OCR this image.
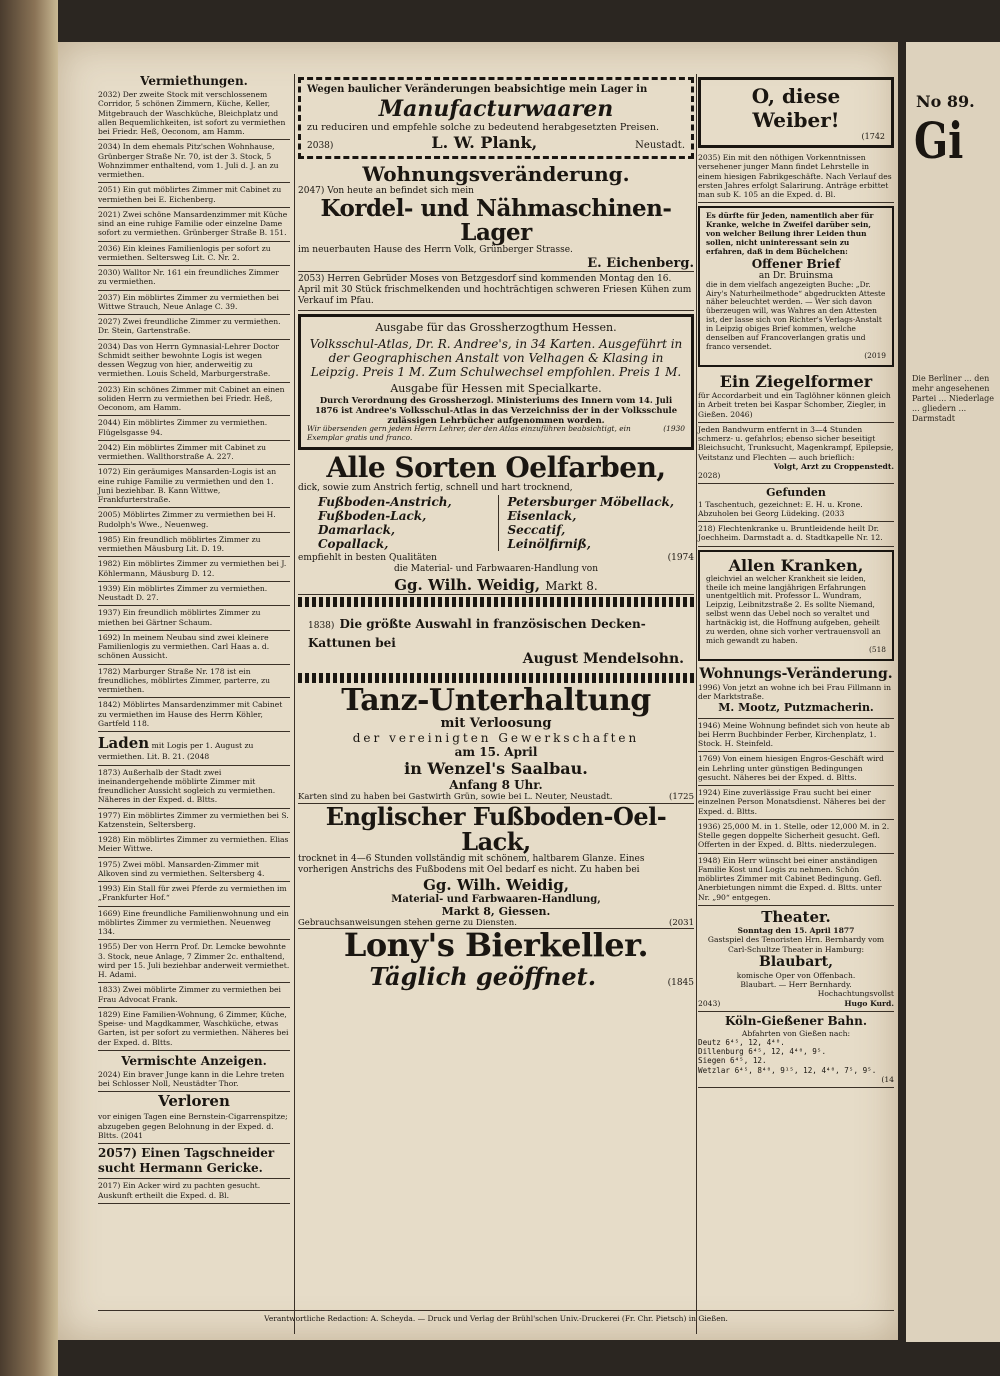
Vermiethungen.
2032) Der zweite Stock mit verschlossenem Corridor, 5 schönen Zimmern, Küche, Keller, Mitgebrauch der Waschküche, Bleichplatz und allen Bequemlichkeiten, ist sofort zu vermiethen bei Friedr. Heß, Oeconom, am Hamm.
2034) In dem ehemals Pitz'schen Wohnhause, Grünberger Straße Nr. 70, ist der 3. Stock, 5 Wohnzimmer enthaltend, vom 1. Juli d. J. an zu vermiethen.
2051) Ein gut möblirtes Zimmer mit Cabinet zu vermiethen bei E. Eichenberg.
2021) Zwei schöne Mansardenzimmer mit Küche sind an eine ruhige Familie oder einzelne Dame sofort zu vermiethen. Grünberger Straße B. 151.
2036) Ein kleines Familienlogis per sofort zu vermiethen. Seltersweg Lit. C. Nr. 2.
2030) Walltor Nr. 161 ein freundliches Zimmer zu vermiethen.
2037) Ein möblirtes Zimmer zu vermiethen bei Wittwe Strauch, Neue Anlage C. 39.
2027) Zwei freundliche Zimmer zu vermiethen. Dr. Stein, Gartenstraße.
2034) Das von Herrn Gymnasial-Lehrer Doctor Schmidt seither bewohnte Logis ist wegen dessen Wegzug von hier, anderweitig zu vermiethen. Louis Scheld, Marburgerstraße.
2023) Ein schönes Zimmer mit Cabinet an einen soliden Herrn zu vermiethen bei Friedr. Heß, Oeconom, am Hamm.
2044) Ein möblirtes Zimmer zu vermiethen. Flügelsgasse 94.
2042) Ein möblirtes Zimmer mit Cabinet zu vermiethen. Wallthorstraße A. 227.
1072) Ein geräumiges Mansarden-Logis ist an eine ruhige Familie zu vermiethen und den 1. Juni beziehbar. B. Kann Wittwe, Frankfurterstraße.
2005) Möblirtes Zimmer zu vermiethen bei H. Rudolph's Wwe., Neuenweg.
1985) Ein freundlich möblirtes Zimmer zu vermiethen Mäusburg Lit. D. 19.
1982) Ein möblirtes Zimmer zu vermiethen bei J. Köhlermann, Mäusburg D. 12.
1939) Ein möblirtes Zimmer zu vermiethen. Neustadt D. 27.
1937) Ein freundlich möblirtes Zimmer zu miethen bei Gärtner Schaum.
1692) In meinem Neubau sind zwei kleinere Familienlogis zu vermiethen. Carl Haas a. d. schönen Aussicht.
1782) Marburger Straße Nr. 178 ist ein freundliches, möblirtes Zimmer, parterre, zu vermiethen.
1842) Möblirtes Mansardenzimmer mit Cabinet zu vermiethen im Hause des Herrn Köhler, Gartfeld 118.
Laden mit Logis per 1. August zu vermiethen. Lit. B. 21. (2048
1873) Außerhalb der Stadt zwei ineinandergehende möblirte Zimmer mit freundlicher Aussicht sogleich zu vermiethen. Näheres in der Exped. d. Bltts.
1977) Ein möblirtes Zimmer zu vermiethen bei S. Katzenstein, Seltersberg.
1928) Ein möblirtes Zimmer zu vermiethen. Elias Meier Wittwe.
1975) Zwei möbl. Mansarden-Zimmer mit Alkoven sind zu vermiethen. Seltersberg 4.
1993) Ein Stall für zwei Pferde zu vermiethen im „Frankfurter Hof.“
1669) Eine freundliche Familienwohnung und ein möblirtes Zimmer zu vermiethen. Neuenweg 134.
1955) Der von Herrn Prof. Dr. Lemcke bewohnte 3. Stock, neue Anlage, 7 Zimmer 2c. enthaltend, wird per 15. Juli beziehbar anderweit vermiethet. H. Adami.
1833) Zwei möblirte Zimmer zu vermiethen bei Frau Advocat Frank.
1829) Eine Familien-Wohnung, 6 Zimmer, Küche, Speise- und Magdkammer, Waschküche, etwas Garten, ist per sofort zu vermiethen. Näheres bei der Exped. d. Bltts.
Vermischte Anzeigen.
2024) Ein braver Junge kann in die Lehre treten bei Schlosser Noll, Neustädter Thor.
Verloren
vor einigen Tagen eine Bernstein-Cigarrenspitze; abzugeben gegen Belohnung in der Exped. d. Bltts. (2041
2057) Einen Tagschneider sucht Hermann Gericke.
2017) Ein Acker wird zu pachten gesucht. Auskunft ertheilt die Exped. d. Bl.
Wegen baulicher Veränderungen beabsichtige mein Lager in
Manufacturwaaren
zu reduciren und empfehle solche zu bedeutend herabgesetzten Preisen.
2038)	L. W. Plank,	Neustadt.
Wohnungsveränderung.
2047) Von heute an befindet sich mein
Kordel- und Nähmaschinen-Lager
im neuerbauten Hause des Herrn Volk, Grünberger Strasse.
E. Eichenberg.
2053) Herren Gebrüder Moses von Betzgesdorf sind kommenden Montag den 16. April mit 30 Stück frischmelkenden und hochträchtigen schweren Friesen Kühen zum Verkauf im Pfau.
Ausgabe für das Grossherzogthum Hessen.
Volksschul-Atlas, Dr. R. Andree's, in 34 Karten. Ausgeführt in der Geographischen Anstalt von Velhagen & Klasing in Leipzig. Preis 1 M. Zum Schulwechsel empfohlen. Preis 1 M.
Ausgabe für Hessen mit Specialkarte.
Durch Verordnung des Grossherzogl. Ministeriums des Innern vom 14. Juli 1876 ist Andree's Volksschul-Atlas in das Verzeichniss der in der Volksschule zulässigen Lehrbücher aufgenommen worden.
Wir übersenden gern jedem Herrn Lehrer, der den Atlas einzuführen beabsichtigt, ein Exemplar gratis und franco.
(1930
Alle Sorten Oelfarben,
dick, sowie zum Anstrich fertig, schnell und hart trocknend,
Fußboden-Anstrich,
Fußboden-Lack,
Damarlack,
Copallack,
Petersburger Möbellack,
Eisenlack,
Seccatif,
Leinölfirniß,
empfiehlt in besten Qualitäten	(1974
die Material- und Farbwaaren-Handlung von
Gg. Wilh. Weidig, Markt 8.
1838) Die größte Auswahl in französischen Decken-Kattunen bei
August Mendelsohn.
Tanz-Unterhaltung
mit Verloosung
der vereinigten Gewerkschaften
am 15. April
in Wenzel's Saalbau.
Anfang 8 Uhr.
Karten sind zu haben bei Gastwirth Grün, sowie bei L. Neuter, Neustadt.	(1725
Englischer Fußboden-Oel-Lack,
trocknet in 4—6 Stunden vollständig mit schönem, haltbarem Glanze. Eines vorherigen Anstrichs des Fußbodens mit Oel bedarf es nicht. Zu haben bei
Gg. Wilh. Weidig,
Material- und Farbwaaren-Handlung,
Markt 8, Giessen.
Gebrauchsanweisungen stehen gerne zu Diensten.	(2031
Lony's Bierkeller.
Täglich geöffnet.	(1845
O, diese Weiber!
(1742
2035) Ein mit den nöthigen Vorkenntnissen versehener junger Mann findet Lehrstelle in einem hiesigen Fabrikgeschäfte. Nach Verlauf des ersten Jahres erfolgt Salarirung. Anträge erbittet man sub K. 105 an die Exped. d. Bl.
Es dürfte für Jeden, namentlich aber für Kranke, welche in Zweifel darüber sein, von welcher Beilung ihrer Leiden thun sollen, nicht uninteressant sein zu erfahren, daß in dem Büchelchen:
Offener Brief
an Dr. Bruinsma
die in dem vielfach angezeigten Buche: „Dr. Airy's Naturheilmethode“ abgedruckten Atteste näher beleuchtet werden. — Wer sich davon überzeugen will, was Wahres an den Attesten ist, der lasse sich von Richter's Verlags-Anstalt in Leipzig obiges Brief kommen, welche denselben auf Francoverlangen gratis und franco versendet.
(2019
Ein Ziegelformer
für Accordarbeit und ein Taglöhner können gleich in Arbeit treten bei Kaspar Schomber, Ziegler, in Gießen. 2046)
Jeden Bandwurm entfernt in 3—4 Stunden schmerz- u. gefahrlos; ebenso sicher beseitigt Bleichsucht, Trunksucht, Magenkrampf, Epilepsie, Veitstanz und Flechten — auch brieflich:
Volgt, Arzt zu Croppenstedt.
2028)
Gefunden
1 Taschentuch, gezeichnet: E. H. u. Krone. Abzuholen bei Georg Lüdeking. (2033
218) Flechtenkranke u. Bruntleidende heilt Dr. Joechheim. Darmstadt a. d. Stadtkapelle Nr. 12.
Allen Kranken,
gleichviel an welcher Krankheit sie leiden, theile ich meine langjährigen Erfahrungen unentgeltlich mit. Professor L. Wundram, Leipzig, Leibnitzstraße 2. Es sollte Niemand, selbst wenn das Uebel noch so veraltet und hartnäckig ist, die Hoffnung aufgeben, geheilt zu werden, ohne sich vorher vertrauensvoll an mich gewandt zu haben.
(518
Wohnungs-Veränderung.
1996) Von jetzt an wohne ich bei Frau Fillmann in der Marktstraße.
M. Mootz, Putzmacherin.
1946) Meine Wohnung befindet sich von heute ab bei Herrn Buchbinder Ferber, Kirchenplatz, 1. Stock. H. Steinfeld.
1769) Von einem hiesigen Engros-Geschäft wird ein Lehrling unter günstigen Bedingungen gesucht. Näheres bei der Exped. d. Bltts.
1924) Eine zuverlässige Frau sucht bei einer einzelnen Person Monatsdienst. Näheres bei der Exped. d. Bltts.
1936) 25,000 M. in 1. Stelle, oder 12,000 M. in 2. Stelle gegen doppelte Sicherheit gesucht. Gefl. Offerten in der Exped. d. Bltts. niederzulegen.
1948) Ein Herr wünscht bei einer anständigen Familie Kost und Logis zu nehmen. Schön möblirtes Zimmer mit Cabinet Bedingung. Gefl. Anerbietungen nimmt die Exped. d. Bltts. unter Nr. „90“ entgegen.
Theater.
Sonntag den 15. April 1877
Gastspiel des Tenoristen Hrn. Bernhardy vom Carl-Schultze Theater in Hamburg:
Blaubart,
komische Oper von Offenbach.
Blaubart. — Herr Bernhardy.
Hochachtungsvollst
2043)	Hugo Kurd.
Köln-Gießener Bahn.
Abfahrten von Gießen nach:
Deutz 6⁴⁵, 12, 4⁴⁰.
Dillenburg 6⁴⁵, 12, 4⁴⁰, 9⁵.
Siegen 6⁴⁵, 12.
Wetzlar 6⁴⁵, 8⁴⁰, 9¹⁵, 12, 4⁴⁰, 7⁵, 9⁵.
(14
Verantwortliche Redaction: A. Scheyda. — Druck und Verlag der Brühl'schen Univ.-Druckerei (Fr. Chr. Pietsch) in Gießen.
No 89.
Gi
Die Berliner ... den mehr angesehenen Partei ... Niederlage ... gliedern ... Darmstadt
